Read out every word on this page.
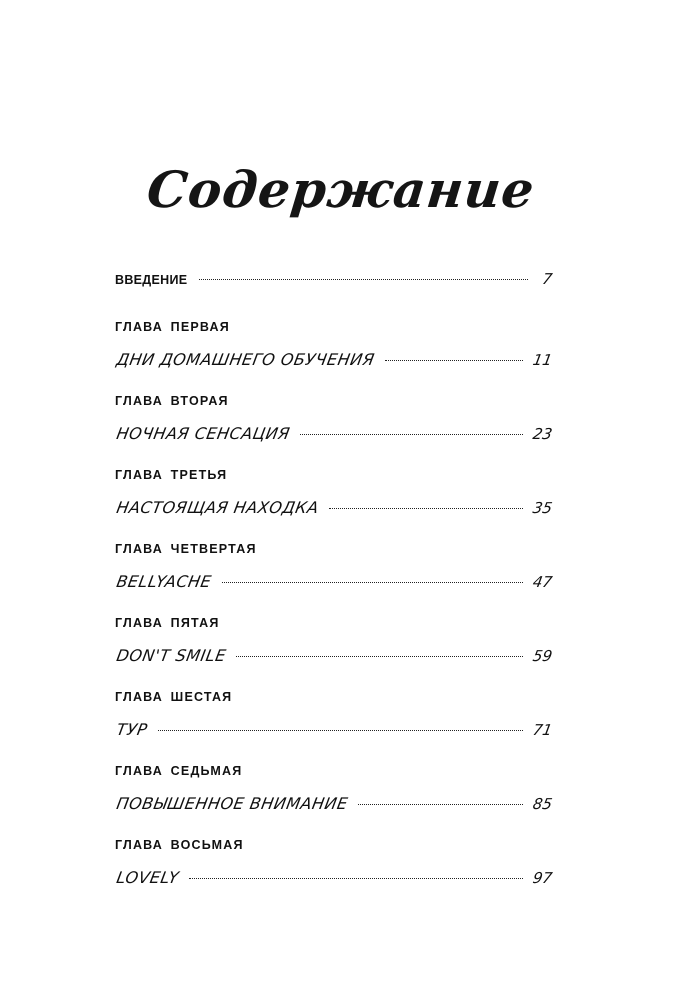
Содержание
ВВЕДЕНИЕ	7
ГЛАВА ПЕРВАЯ
ДНИ ДОМАШНЕГО ОБУЧЕНИЯ	11
ГЛАВА ВТОРАЯ
НОЧНАЯ СЕНСАЦИЯ	23
ГЛАВА ТРЕТЬЯ
НАСТОЯЩАЯ НАХОДКА	35
ГЛАВА ЧЕТВЕРТАЯ
BELLYACHE	47
ГЛАВА ПЯТАЯ
DON'T SMILE	59
ГЛАВА ШЕСТАЯ
ТУР	71
ГЛАВА СЕДЬМАЯ
ПОВЫШЕННОЕ ВНИМАНИЕ	85
ГЛАВА ВОСЬМАЯ
LOVELY	97
